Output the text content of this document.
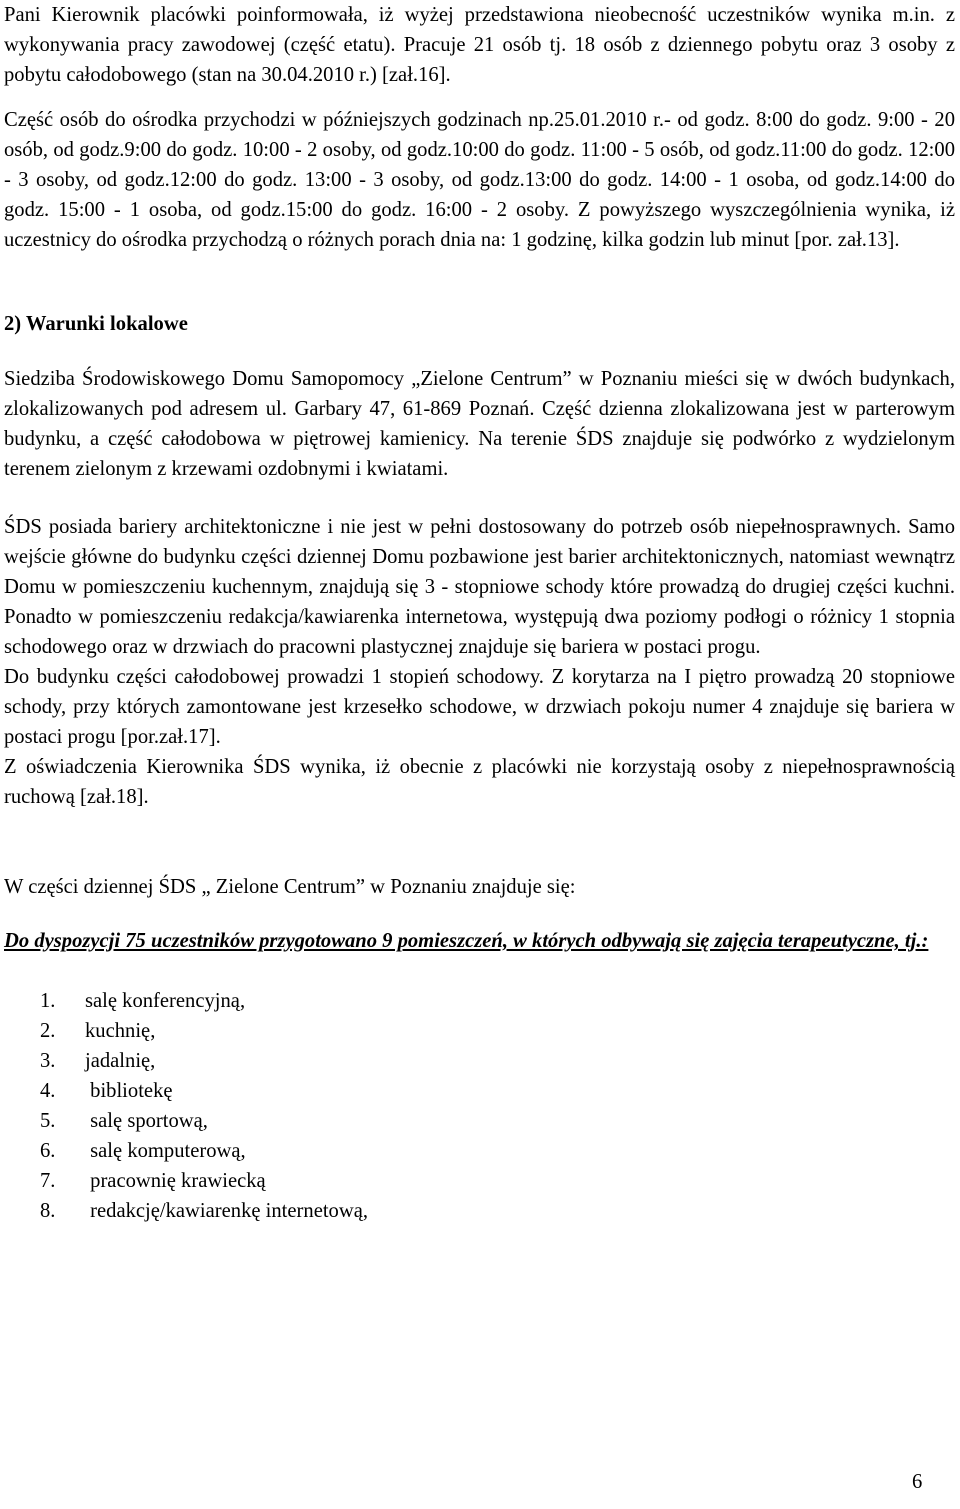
Pani Kierownik placówki poinformowała, iż wyżej przedstawiona nieobecność uczestników wynika m.in. z wykonywania pracy zawodowej (część etatu). Pracuje 21 osób tj. 18 osób z dziennego pobytu oraz 3 osoby z pobytu całodobowego (stan na 30.04.2010 r.) [zał.16].

Część osób do ośrodka przychodzi w późniejszych godzinach np.25.01.2010 r.- od godz. 8:00 do godz. 9:00 - 20 osób, od godz.9:00 do godz. 10:00 - 2 osoby, od godz.10:00 do godz. 11:00 - 5 osób, od godz.11:00 do godz. 12:00 - 3 osoby, od godz.12:00 do godz. 13:00 - 3 osoby, od godz.13:00 do godz. 14:00 - 1 osoba, od godz.14:00 do godz. 15:00 - 1 osoba, od godz.15:00 do godz. 16:00 - 2 osoby. Z powyższego wyszczególnienia wynika, iż uczestnicy do ośrodka przychodzą o różnych porach dnia na: 1 godzinę, kilka godzin lub minut [por. zał.13].

2) Warunki lokalowe

Siedziba Środowiskowego Domu Samopomocy „Zielone Centrum” w Poznaniu mieści się w dwóch budynkach, zlokalizowanych pod adresem ul. Garbary 47, 61-869 Poznań. Część dzienna zlokalizowana jest w parterowym budynku, a część całodobowa w piętrowej kamienicy. Na terenie ŚDS znajduje się podwórko z wydzielonym terenem zielonym z krzewami ozdobnymi i kwiatami.

ŚDS posiada bariery architektoniczne i nie jest w pełni dostosowany do potrzeb osób niepełnosprawnych. Samo wejście główne do budynku części dziennej Domu pozbawione jest barier architektonicznych, natomiast wewnątrz Domu w pomieszczeniu kuchennym, znajdują się 3 - stopniowe schody które prowadzą do drugiej części kuchni. Ponadto w pomieszczeniu redakcja/kawiarenka internetowa, występują dwa poziomy podłogi o różnicy 1 stopnia schodowego oraz w drzwiach do pracowni plastycznej znajduje się bariera w postaci progu.

Do budynku części całodobowej prowadzi 1 stopień schodowy. Z korytarza na I piętro prowadzą 20 stopniowe schody, przy których zamontowane jest krzesełko schodowe, w drzwiach pokoju numer 4 znajduje się bariera w postaci progu [por.zał.17].

Z oświadczenia Kierownika ŚDS wynika, iż obecnie z placówki nie korzystają osoby z niepełnosprawnością ruchową [zał.18].

W części dziennej ŚDS „ Zielone Centrum” w Poznaniu znajduje się:

Do dyspozycji 75 uczestników przygotowano 9 pomieszczeń, w których odbywają się zajęcia terapeutyczne, tj.:

1.	salę konferencyjną,
2.	kuchnię,
3.	jadalnię,
4.	bibliotekę
5.	salę sportową,
6.	salę komputerową,
7.	pracownię krawiecką
8.	redakcję/kawiarenkę internetową,
6
